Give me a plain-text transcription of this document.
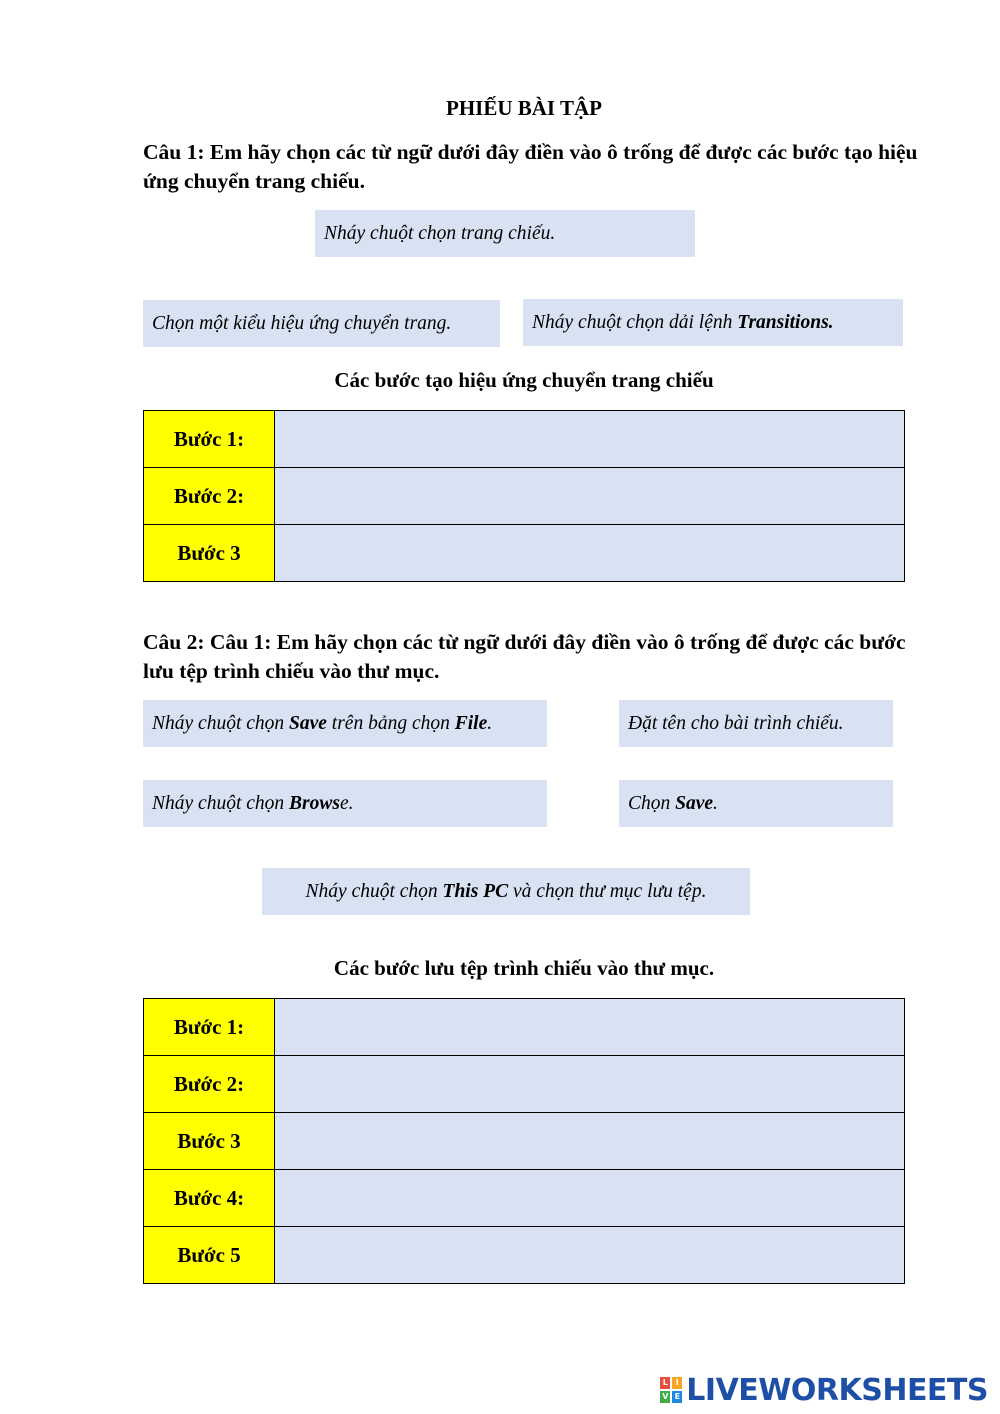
PHIẾU BÀI TẬP
Câu 1: Em hãy chọn các từ ngữ dưới đây điền vào ô trống để được các bước tạo hiệu ứng chuyển trang chiếu.
Nháy chuột chọn trang chiếu.
Chọn một kiểu hiệu ứng chuyển trang.	Nháy chuột chọn dải lệnh Transitions.
Các bước tạo hiệu ứng chuyển trang chiếu
Bước 1:	
Bước 2:	
Bước 3	
Câu 2: Câu 1: Em hãy chọn các từ ngữ dưới đây điền vào ô trống để được các bước lưu tệp trình chiếu vào thư mục.
Nháy chuột chọn Save trên bảng chọn File.	Đặt tên cho bài trình chiếu.
Nháy chuột chọn Browse.	Chọn Save.
Nháy chuột chọn This PC và chọn thư mục lưu tệp.
Các bước lưu tệp trình chiếu vào thư mục.
Bước 1:	
Bước 2:	
Bước 3	
Bước 4:	
Bước 5	
L I
V E LIVEWORKSHEETS
